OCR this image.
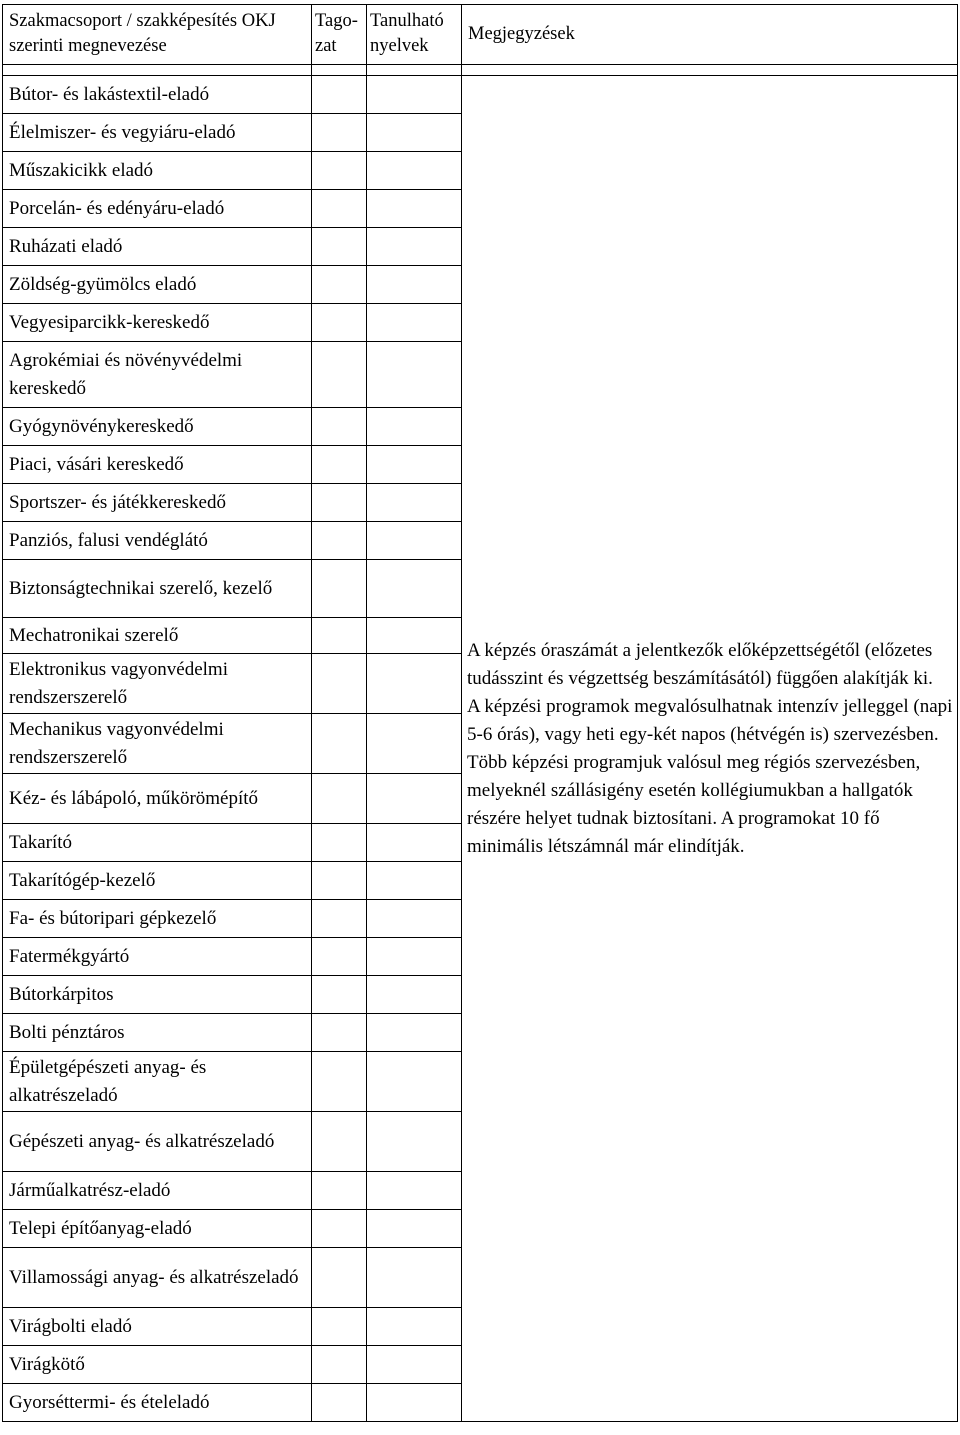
Szakmacsoport / szakképesítés OKJ szerinti megnevezése	Tago-zat	Tanulható nyelvek	Megjegyzések

Bútor- és lakástextil-eladó			A képzés óraszámát a jelentkezők előképzettségétől (előzetes tudásszint és végzettség beszámításától) függően alakítják ki.
A képzési programok megvalósulhatnak intenzív jelleggel (napi 5-6 órás), vagy heti egy-két napos (hétvégén is) szervezésben.
Több képzési programjuk valósul meg régiós szervezésben, melyeknél szállásigény esetén kollégiumukban a hallgatók részére helyet tudnak biztosítani. A programokat 10 fő minimális létszámnál már elindítják.

Élelmiszer- és vegyiáru-eladó			
Műszakicikk eladó			
Porcelán- és edényáru-eladó			
Ruházati eladó			
Zöldség-gyümölcs eladó			
Vegyesiparcikk-kereskedő			
Agrokémiai és növényvédelmi kereskedő			
Gyógynövénykereskedő			
Piaci, vásári kereskedő			
Sportszer- és játékkereskedő			
Panziós, falusi vendéglátó			
Biztonságtechnikai szerelő, kezelő			
Mechatronikai szerelő			
Elektronikus vagyonvédelmi rendszerszerelő			
Mechanikus vagyonvédelmi rendszerszerelő			
Kéz- és lábápoló, műkörömépítő			
Takarító			
Takarítógép-kezelő			
Fa- és bútoripari gépkezelő			
Fatermékgyártó			
Bútorkárpitos			
Bolti pénztáros			
Épületgépészeti anyag- és alkatrészeladó			
Gépészeti anyag- és alkatrészeladó			
Járműalkatrész-eladó			
Telepi építőanyag-eladó			
Villamossági anyag- és alkatrészeladó			
Virágbolti eladó			
Virágkötő			
Gyorséttermi- és ételeladó			
